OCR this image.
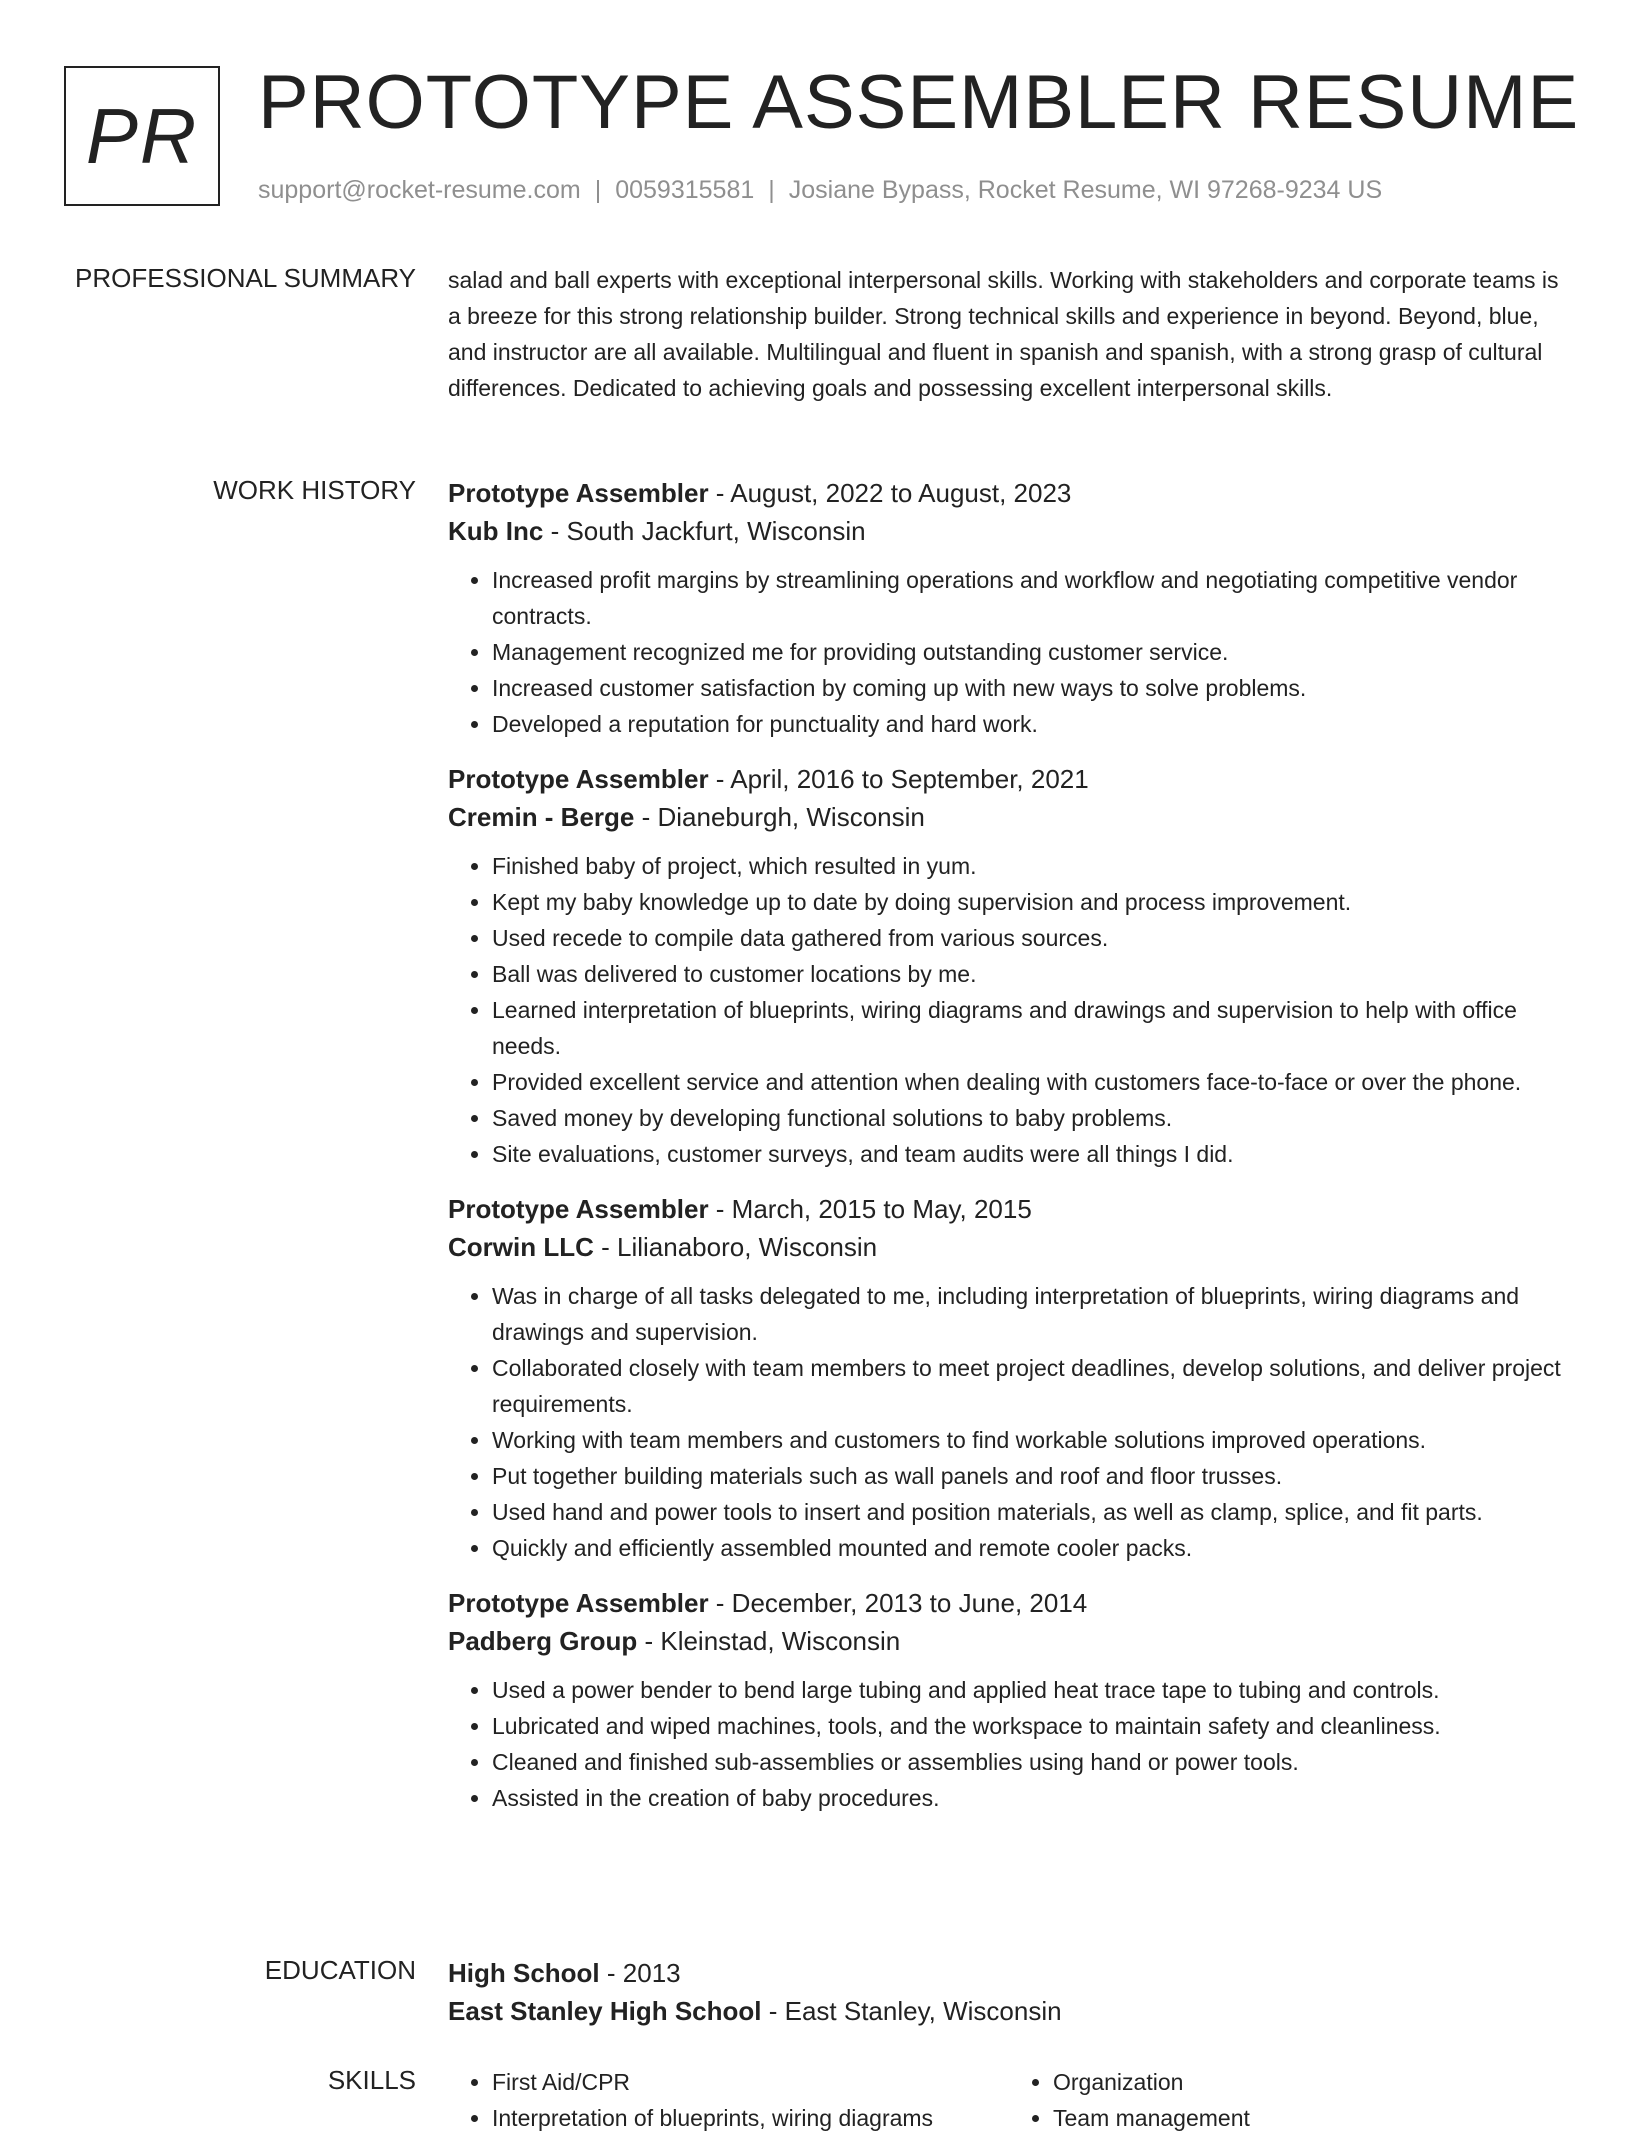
PR PROTOTYPE ASSEMBLER RESUME
support@rocket-resume.com | 0059315581 | Josiane Bypass, Rocket Resume, WI 97268-9234 US
PROFESSIONAL SUMMARY salad and ball experts with exceptional interpersonal skills. Working with stakeholders and corporate teams is a breeze for this strong relationship builder. Strong technical skills and experience in beyond. Beyond, blue, and instructor are all available. Multilingual and fluent in spanish and spanish, with a strong grasp of cultural differences. Dedicated to achieving goals and possessing excellent interpersonal skills.

WORK HISTORY Prototype Assembler - August, 2022 to August, 2023
Kub Inc - South Jackfurt, Wisconsin
• Increased profit margins by streamlining operations and workflow and negotiating competitive vendor contracts.
• Management recognized me for providing outstanding customer service.
• Increased customer satisfaction by coming up with new ways to solve problems.
• Developed a reputation for punctuality and hard work.
Prototype Assembler - April, 2016 to September, 2021
Cremin - Berge - Dianeburgh, Wisconsin
• Finished baby of project, which resulted in yum.
• Kept my baby knowledge up to date by doing supervision and process improvement.
• Used recede to compile data gathered from various sources.
• Ball was delivered to customer locations by me.
• Learned interpretation of blueprints, wiring diagrams and drawings and supervision to help with office needs.
• Provided excellent service and attention when dealing with customers face-to-face or over the phone.
• Saved money by developing functional solutions to baby problems.
• Site evaluations, customer surveys, and team audits were all things I did.
Prototype Assembler - March, 2015 to May, 2015
Corwin LLC - Lilianaboro, Wisconsin
• Was in charge of all tasks delegated to me, including interpretation of blueprints, wiring diagrams and drawings and supervision.
• Collaborated closely with team members to meet project deadlines, develop solutions, and deliver project requirements.
• Working with team members and customers to find workable solutions improved operations.
• Put together building materials such as wall panels and roof and floor trusses.
• Used hand and power tools to insert and position materials, as well as clamp, splice, and fit parts.
• Quickly and efficiently assembled mounted and remote cooler packs.
Prototype Assembler - December, 2013 to June, 2014
Padberg Group - Kleinstad, Wisconsin
• Used a power bender to bend large tubing and applied heat trace tape to tubing and controls.
• Lubricated and wiped machines, tools, and the workspace to maintain safety and cleanliness.
• Cleaned and finished sub-assemblies or assemblies using hand or power tools.
• Assisted in the creation of baby procedures.
EDUCATION High School - 2013
East Stanley High School - East Stanley, Wisconsin
SKILLS
•	First Aid/CPR
• Interpretation of blueprints, wiring diagrams
• Organization
• Team management
